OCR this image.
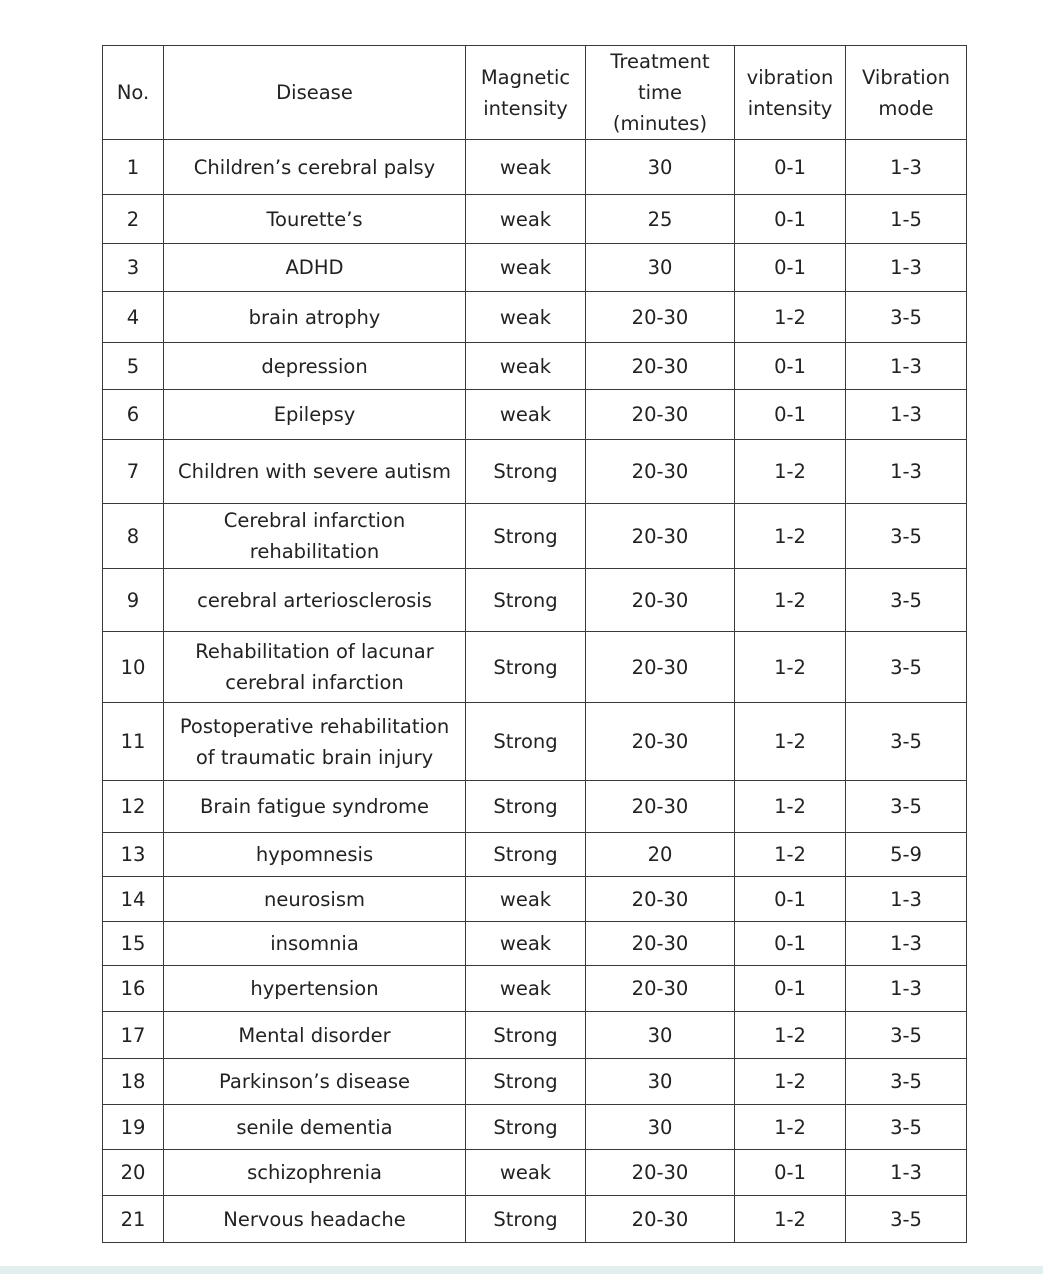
No.	Disease	Magnetic intensity	Treatment time (minutes)	vibration intensity	Vibration mode
1	Children’s cerebral palsy	weak	30	0-1	1-3
2	Tourette’s	weak	25	0-1	1-5
3	ADHD	weak	30	0-1	1-3
4	brain atrophy	weak	20-30	1-2	3-5
5	depression	weak	20-30	0-1	1-3
6	Epilepsy	weak	20-30	0-1	1-3
7	Children with severe autism	Strong	20-30	1-2	1-3
8	Cerebral infarction rehabilitation	Strong	20-30	1-2	3-5
9	cerebral arteriosclerosis	Strong	20-30	1-2	3-5
10	Rehabilitation of lacunar cerebral infarction	Strong	20-30	1-2	3-5
11	Postoperative rehabilitation of traumatic brain injury	Strong	20-30	1-2	3-5
12	Brain fatigue syndrome	Strong	20-30	1-2	3-5
13	hypomnesis	Strong	20	1-2	5-9
14	neurosism	weak	20-30	0-1	1-3
15	insomnia	weak	20-30	0-1	1-3
16	hypertension	weak	20-30	0-1	1-3
17	Mental disorder	Strong	30	1-2	3-5
18	Parkinson’s disease	Strong	30	1-2	3-5
19	senile dementia	Strong	30	1-2	3-5
20	schizophrenia	weak	20-30	0-1	1-3
21	Nervous headache	Strong	20-30	1-2	3-5
